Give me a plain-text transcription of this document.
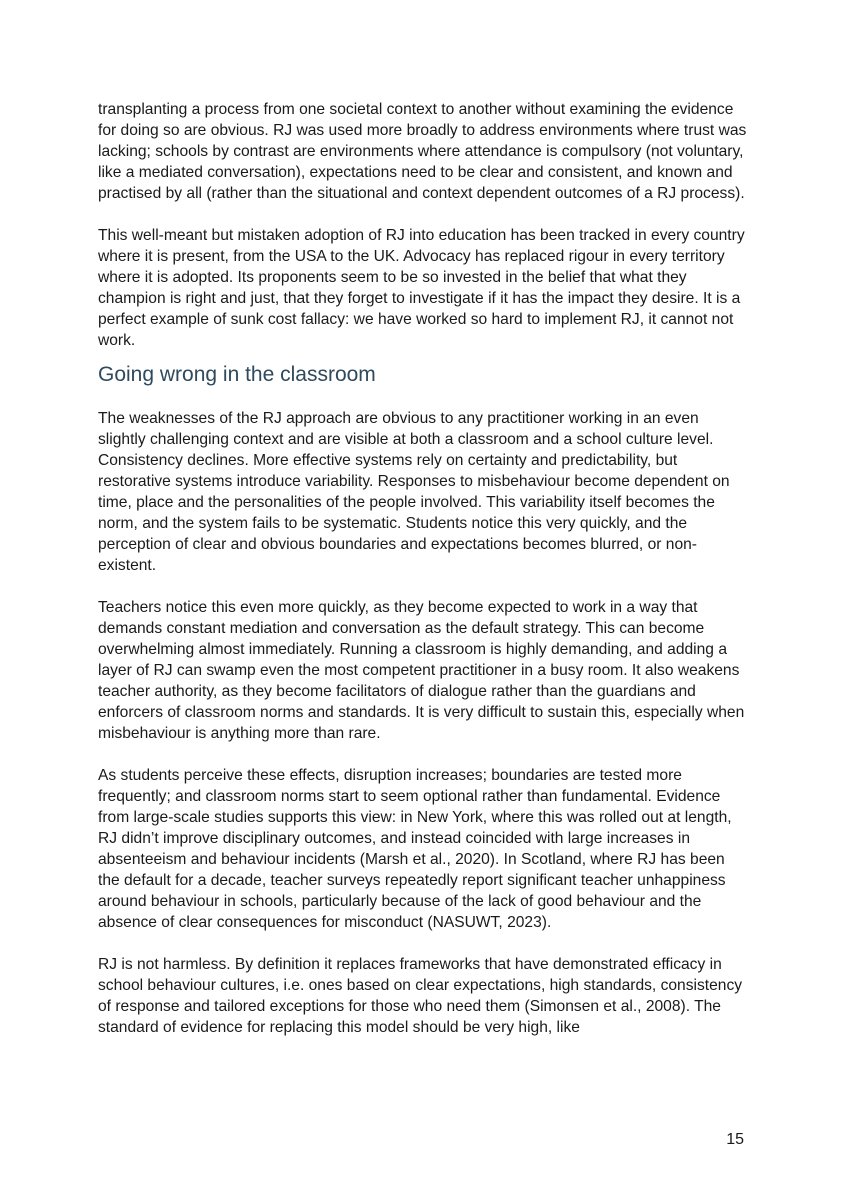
transplanting a process from one societal context to another without examining the evidence for doing so are obvious. RJ was used more broadly to address environments where trust was lacking; schools by contrast are environments where attendance is compulsory (not voluntary, like a mediated conversation), expectations need to be clear and consistent, and known and practised by all (rather than the situational and context dependent outcomes of a RJ process).

This well-meant but mistaken adoption of RJ into education has been tracked in every country where it is present, from the USA to the UK. Advocacy has replaced rigour in every territory where it is adopted. Its proponents seem to be so invested in the belief that what they champion is right and just, that they forget to investigate if it has the impact they desire. It is a perfect example of sunk cost fallacy: we have worked so hard to implement RJ, it cannot not work.

Going wrong in the classroom

The weaknesses of the RJ approach are obvious to any practitioner working in an even slightly challenging context and are visible at both a classroom and a school culture level. Consistency declines. More effective systems rely on certainty and predictability, but restorative systems introduce variability. Responses to misbehaviour become dependent on time, place and the personalities of the people involved. This variability itself becomes the norm, and the system fails to be systematic. Students notice this very quickly, and the perception of clear and obvious boundaries and expectations becomes blurred, or non-existent.

Teachers notice this even more quickly, as they become expected to work in a way that demands constant mediation and conversation as the default strategy. This can become overwhelming almost immediately. Running a classroom is highly demanding, and adding a layer of RJ can swamp even the most competent practitioner in a busy room. It also weakens teacher authority, as they become facilitators of dialogue rather than the guardians and enforcers of classroom norms and standards. It is very difficult to sustain this, especially when misbehaviour is anything more than rare.

As students perceive these effects, disruption increases; boundaries are tested more frequently; and classroom norms start to seem optional rather than fundamental. Evidence from large-scale studies supports this view: in New York, where this was rolled out at length, RJ didn’t improve disciplinary outcomes, and instead coincided with large increases in absenteeism and behaviour incidents (Marsh et al., 2020). In Scotland, where RJ has been the default for a decade, teacher surveys repeatedly report significant teacher unhappiness around behaviour in schools, particularly because of the lack of good behaviour and the absence of clear consequences for misconduct (NASUWT, 2023).

RJ is not harmless. By definition it replaces frameworks that have demonstrated efficacy in school behaviour cultures, i.e. ones based on clear expectations, high standards, consistency of response and tailored exceptions for those who need them (Simonsen et al., 2008). The standard of evidence for replacing this model should be very high, like

15
